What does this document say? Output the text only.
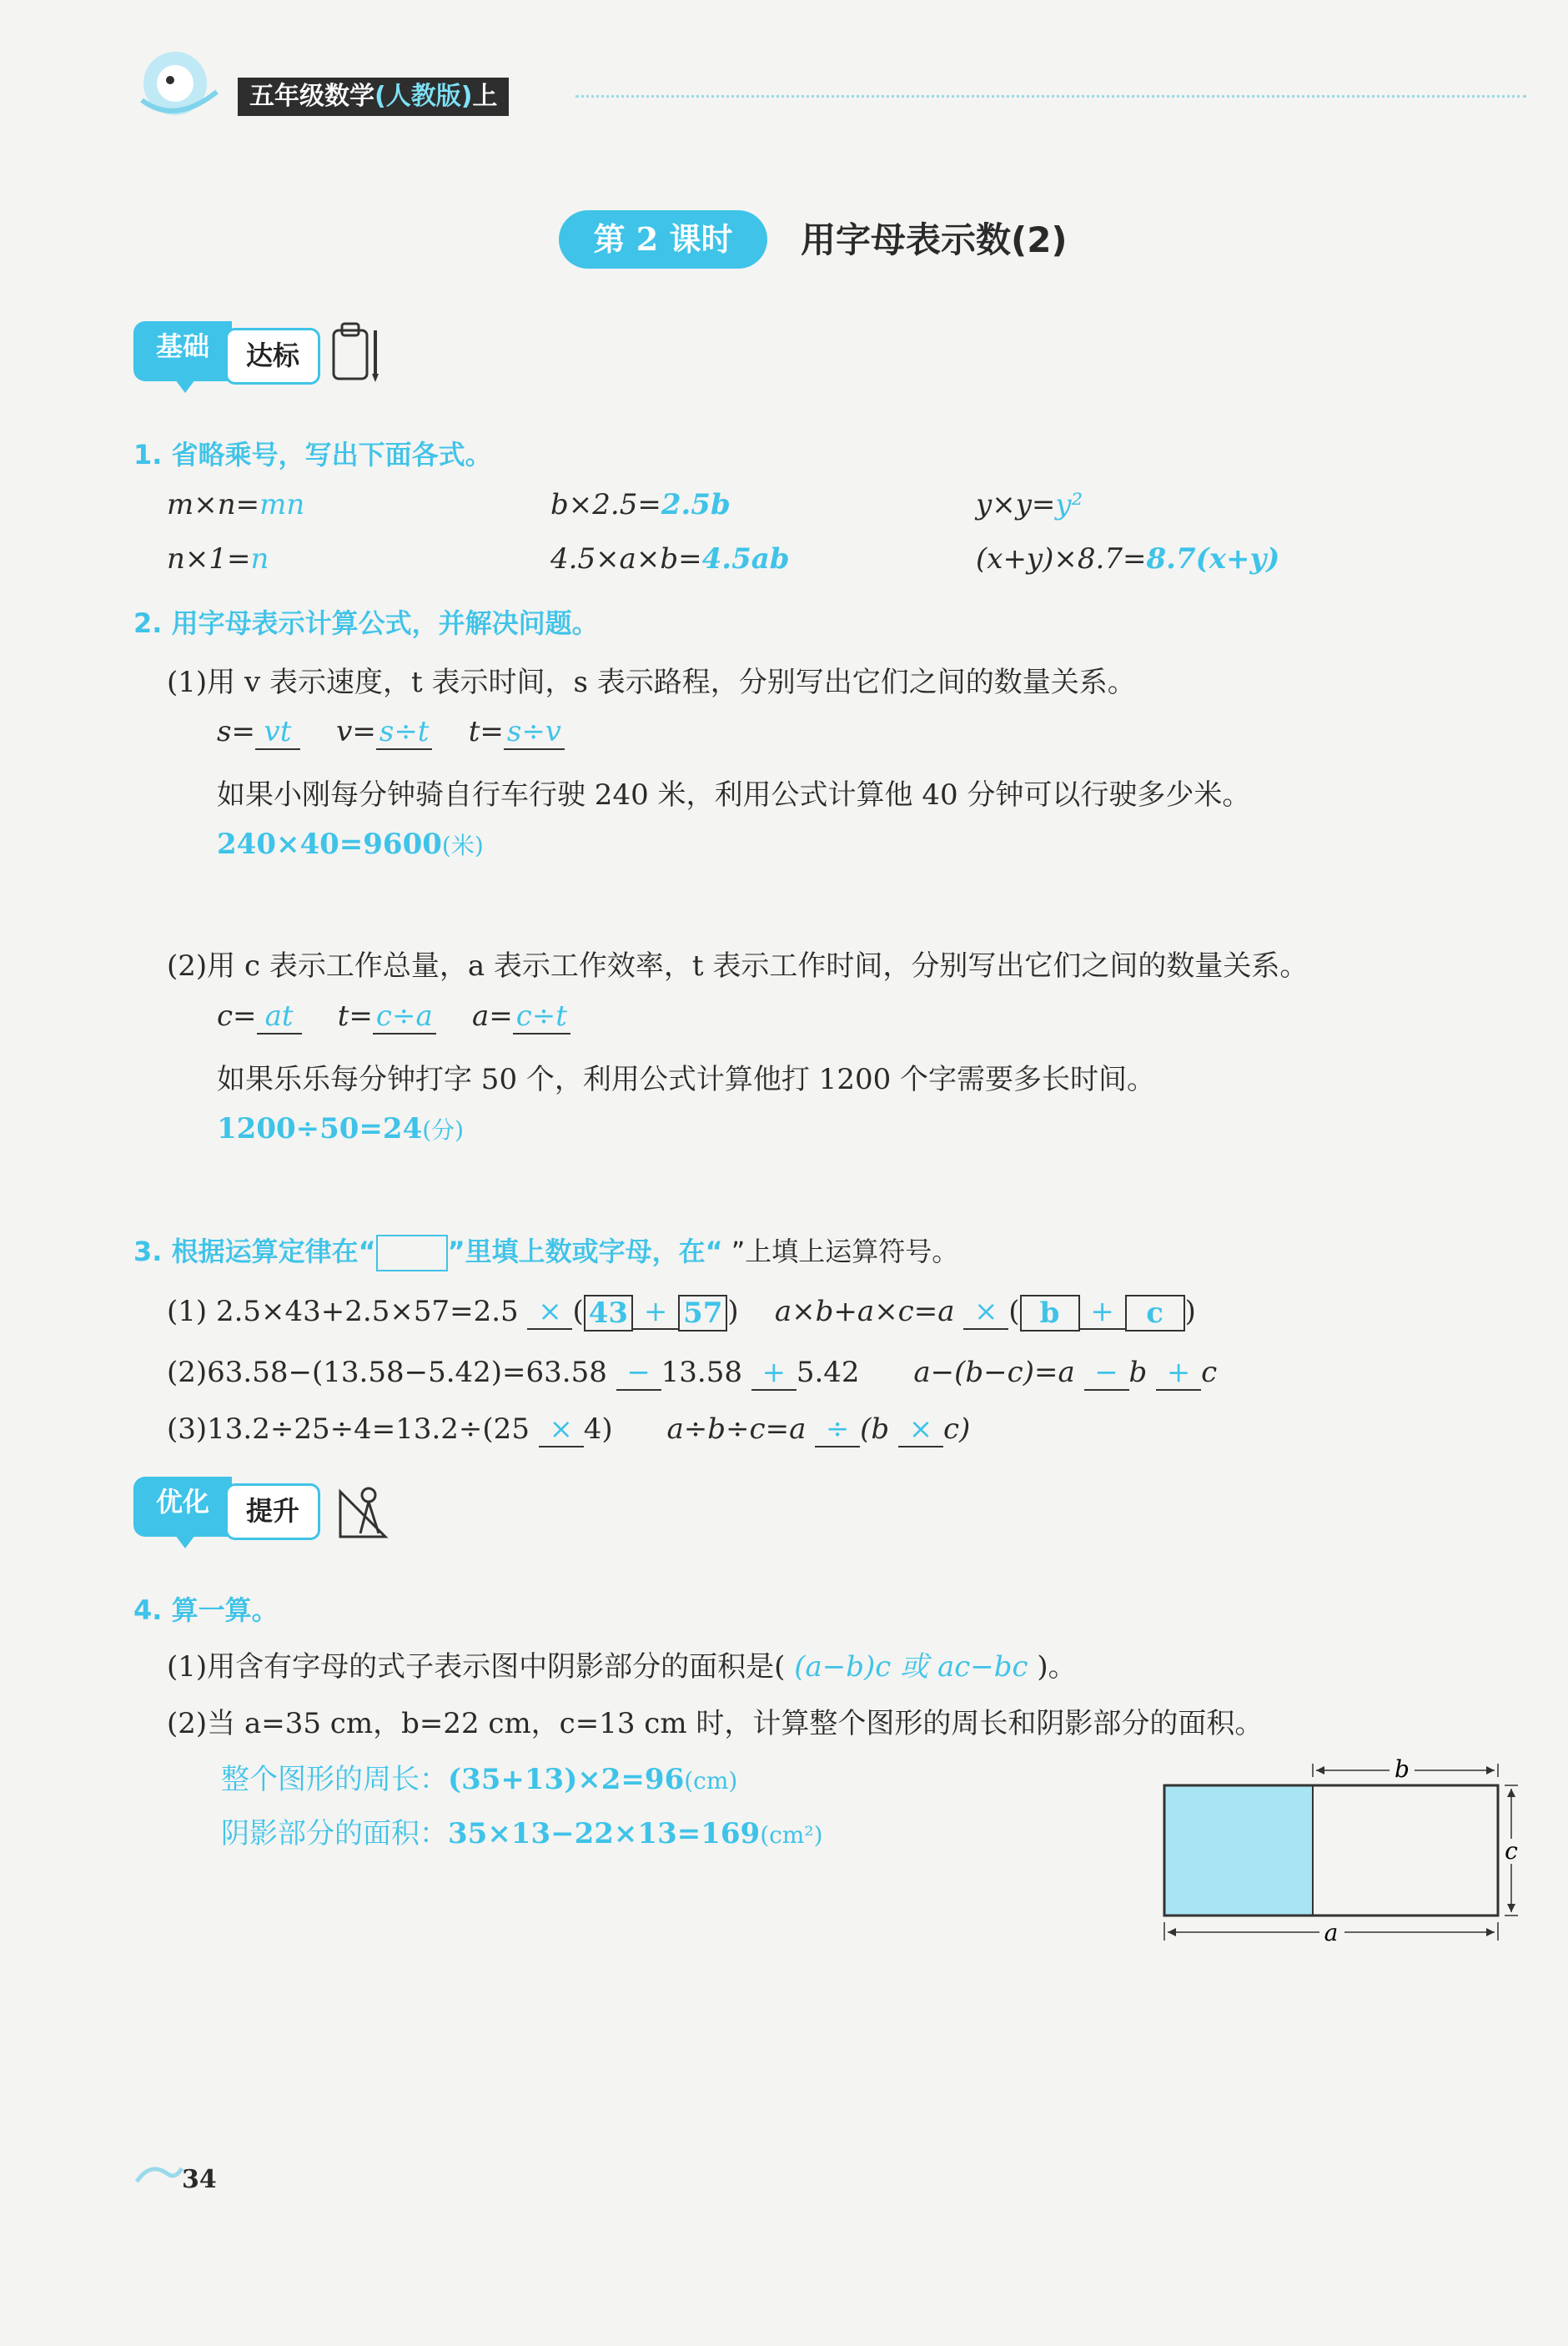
五年级数学(人教版)上
第 2 课时	用字母表示数(2)
基础	达标
1. 省略乘号，写出下面各式。
m×n=mn	b×2.5=2.5b	y×y=y²
n×1=n	4.5×a×b=4.5ab	(x+y)×8.7=8.7(x+y)
2. 用字母表示计算公式，并解决问题。
(1)用 v 表示速度，t 表示时间，s 表示路程，分别写出它们之间的数量关系。
s= vt v= s÷t t= s÷v
如果小刚每分钟骑自行车行驶 240 米，利用公式计算他 40 分钟可以行驶多少米。
240×40=9600(米)
(2)用 c 表示工作总量，a 表示工作效率，t 表示工作时间，分别写出它们之间的数量关系。
c= at t= c÷a a= c÷t
如果乐乐每分钟打字 50 个，利用公式计算他打 1200 个字需要多长时间。
1200÷50=24(分)
3. 根据运算定律在“	”里填上数或字母，在“ ”上填上运算符号。
(1) 2.5×43+2.5×57=2.5 × ( 43 + 57 ) a×b+a×c=a × ( b + c )
(2)63.58−(13.58−5.42)=63.58 − 13.58 + 5.42 a−(b−c)=a − b + c
(3)13.2÷25÷4=13.2÷(25 × 4) a÷b÷c=a ÷ (b × c)
优化	提升
4. 算一算。
(1)用含有字母的式子表示图中阴影部分的面积是( (a−b)c 或 ac−bc )。
(2)当 a=35 cm，b=22 cm，c=13 cm 时，计算整个图形的周长和阴影部分的面积。
整个图形的周长：(35+13)×2=96(cm)
阴影部分的面积：35×13−22×13=169(cm²)
b
c
a
34
